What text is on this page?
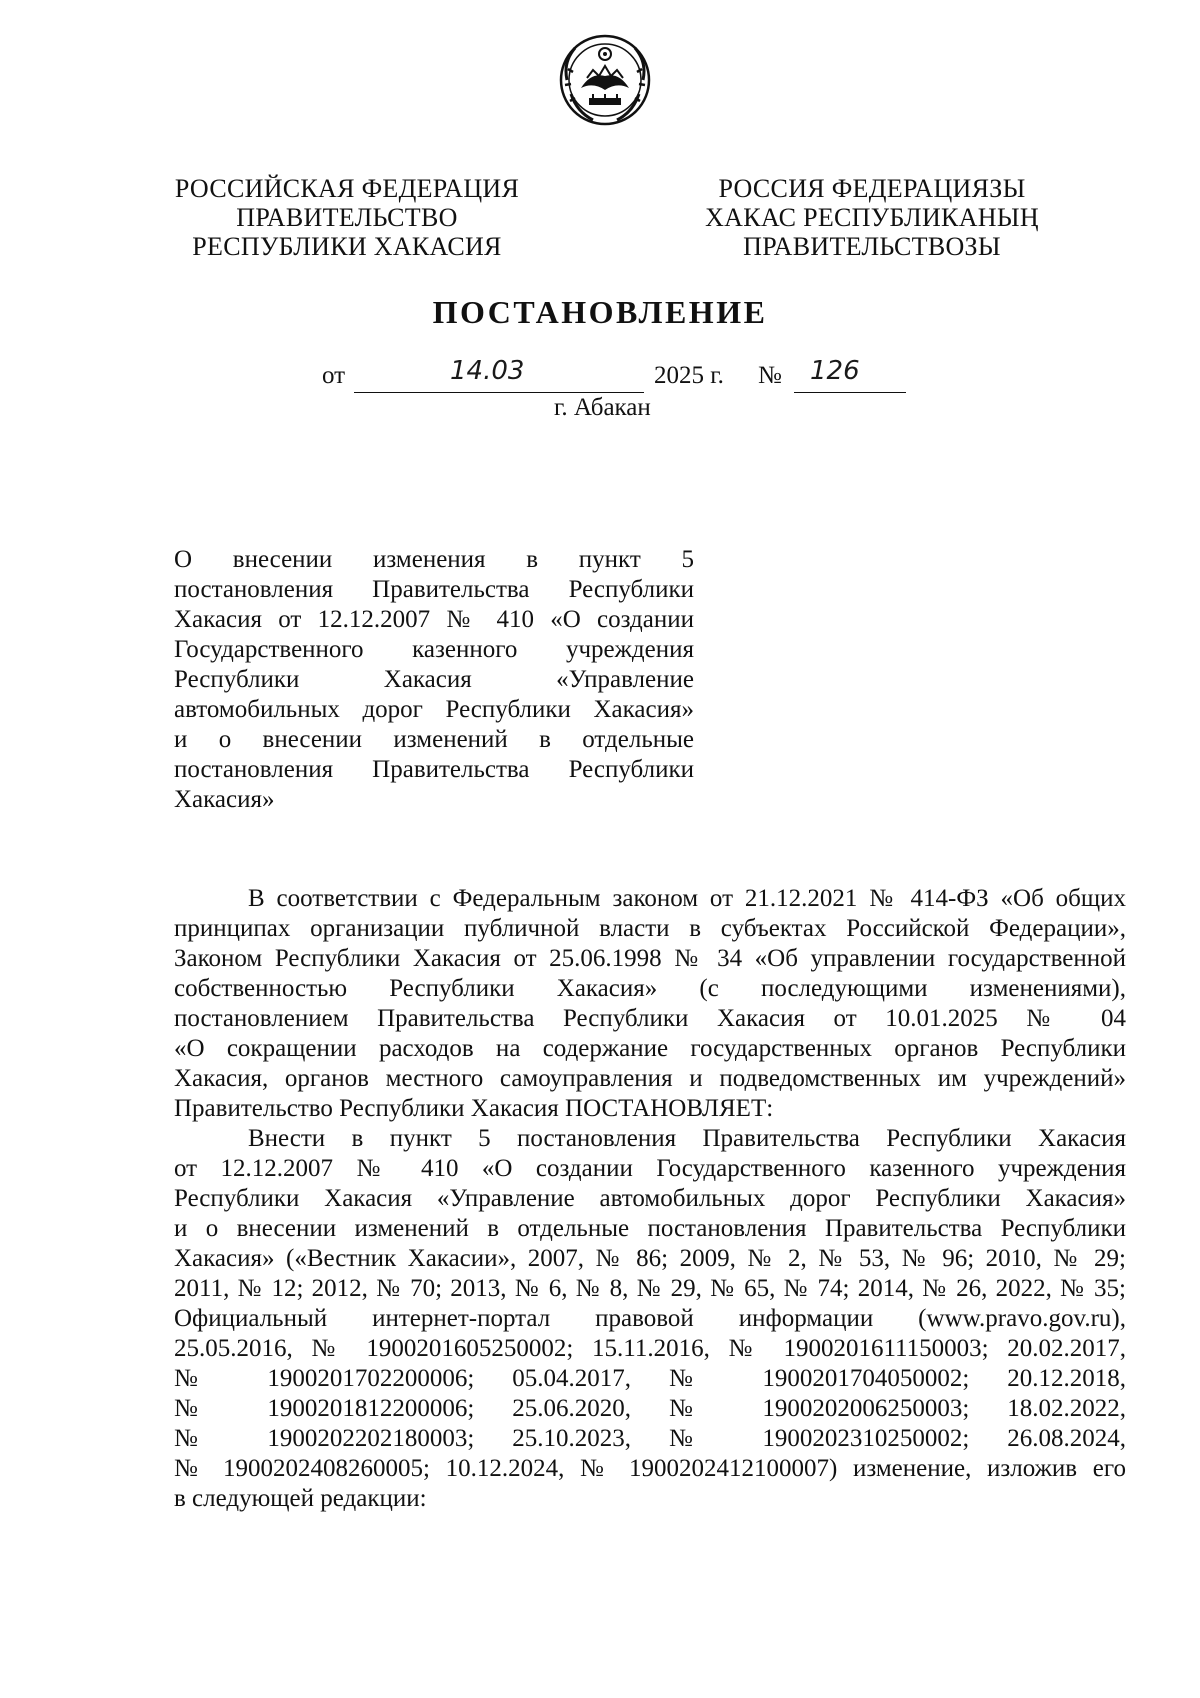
РОССИЙСКАЯ ФЕДЕРАЦИЯ
ПРАВИТЕЛЬСТВО
РЕСПУБЛИКИ ХАКАСИЯ
РОССИЯ ФЕДЕРАЦИЯЗЫ
ХАКАС РЕСПУБЛИКАНЫҢ
ПРАВИТЕЛЬСТВОЗЫ
ПОСТАНОВЛЕНИЕ
от	14.03	2025 г. № 126
г. Абакан
О внесении изменения в пункт 5
постановления Правительства Республики
Хакасия от 12.12.2007 № 410 «О создании
Государственного казенного учреждения
Республики Хакасия «Управление
автомобильных дорог Республики Хакасия»
и о внесении изменений в отдельные
постановления Правительства Республики
Хакасия»
В соответствии с Федеральным законом от 21.12.2021 № 414-ФЗ «Об общих
принципах организации публичной власти в субъектах Российской Федерации»,
Законом Республики Хакасия от 25.06.1998 № 34 «Об управлении государственной
собственностью Республики Хакасия» (с последующими изменениями),
постановлением Правительства Республики Хакасия от 10.01.2025 № 04
«О сокращении расходов на содержание государственных органов Республики
Хакасия, органов местного самоуправления и подведомственных им учреждений»
Правительство Республики Хакасия ПОСТАНОВЛЯЕТ:
Внести в пункт 5 постановления Правительства Республики Хакасия
от 12.12.2007 № 410 «О создании Государственного казенного учреждения
Республики Хакасия «Управление автомобильных дорог Республики Хакасия»
и о внесении изменений в отдельные постановления Правительства Республики
Хакасия» («Вестник Хакасии», 2007, № 86; 2009, № 2, № 53, № 96; 2010, № 29;
2011, № 12; 2012, № 70; 2013, № 6, № 8, № 29, № 65, № 74; 2014, № 26, 2022, № 35;
Официальный интернет-портал правовой информации (www.pravo.gov.ru),
25.05.2016, № 1900201605250002; 15.11.2016, № 1900201611150003; 20.02.2017,
№ 1900201702200006; 05.04.2017, № 1900201704050002; 20.12.2018,
№ 1900201812200006; 25.06.2020, № 1900202006250003; 18.02.2022,
№ 1900202202180003; 25.10.2023, № 1900202310250002; 26.08.2024,
№ 1900202408260005; 10.12.2024, № 1900202412100007) изменение, изложив его
в следующей редакции:
